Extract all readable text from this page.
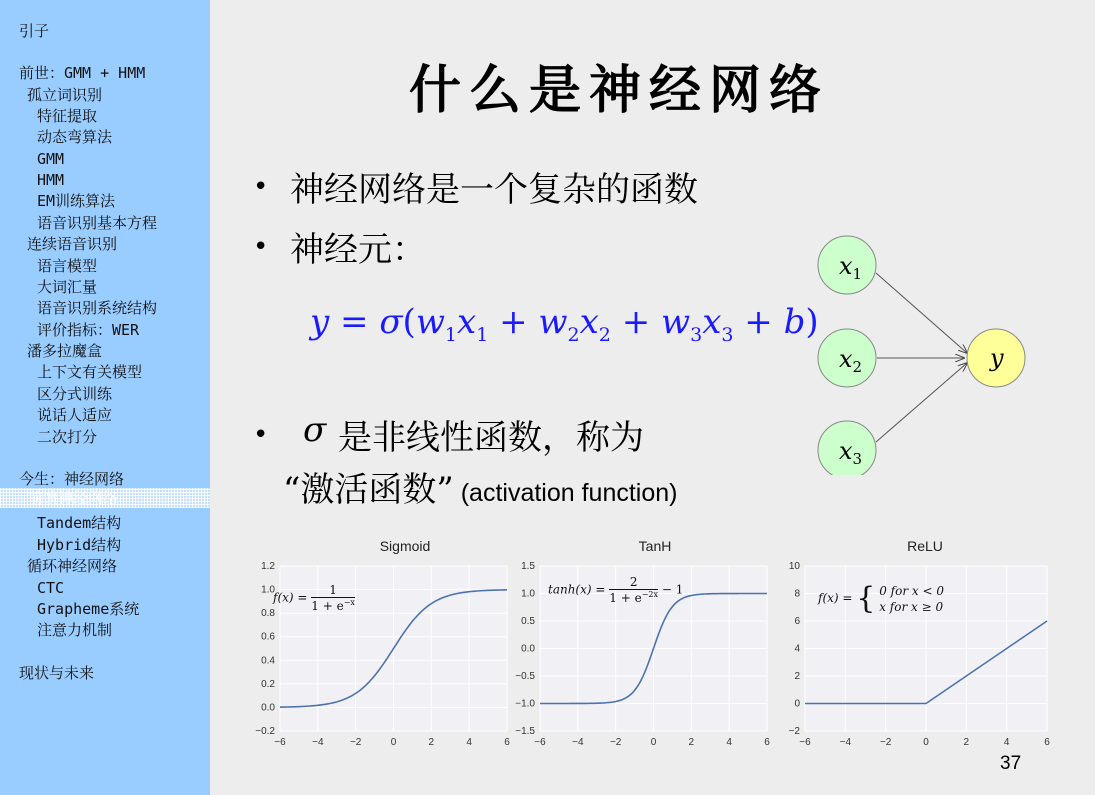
引子
前世：GMM + HMM
孤立词识别
特征提取
动态弯算法
GMM
HMM
EM训练算法
语音识别基本方程
连续语音识别
语言模型
大词汇量
语音识别系统结构
评价指标：WER
潘多拉魔盒
上下文有关模型
区分式训练
说话人适应
二次打分
今生：神经网络
前馈神经网络
Tandem结构
Hybrid结构
循环神经网络
CTC
Grapheme系统
注意力机制
现状与未来
什么是神经网络
• 神经网络是一个复杂的函数
• 神经元：
$y = \sigma(w_1x_1 + w_2x_2 + w_3x_3 + b)$
• σ 是非线性函数，称为
“激活函数” (activation function)
$x_1$
$x_2$
$x_3$
y
Sigmoid
−6	−4	−2	0	2	4	6
−0.2
0.0
0.2
0.4
0.6
0.8
1.0
1.2
$f(x) = \frac{1}{1 + e^{-x}}$
TanH
−6	−4	−2	0	2	4	6
−1.5
−1.0
−0.5
0.0
0.5
1.0
1.5
$\tanh(x) = \frac{2}{1 + e^{-2x}} - 1$
ReLU
−6	−4	−2	0	2	4	6
−2
0
2
4
6
8
10
f(x) = { 0 for x < 0
x for x ≥ 0
37
